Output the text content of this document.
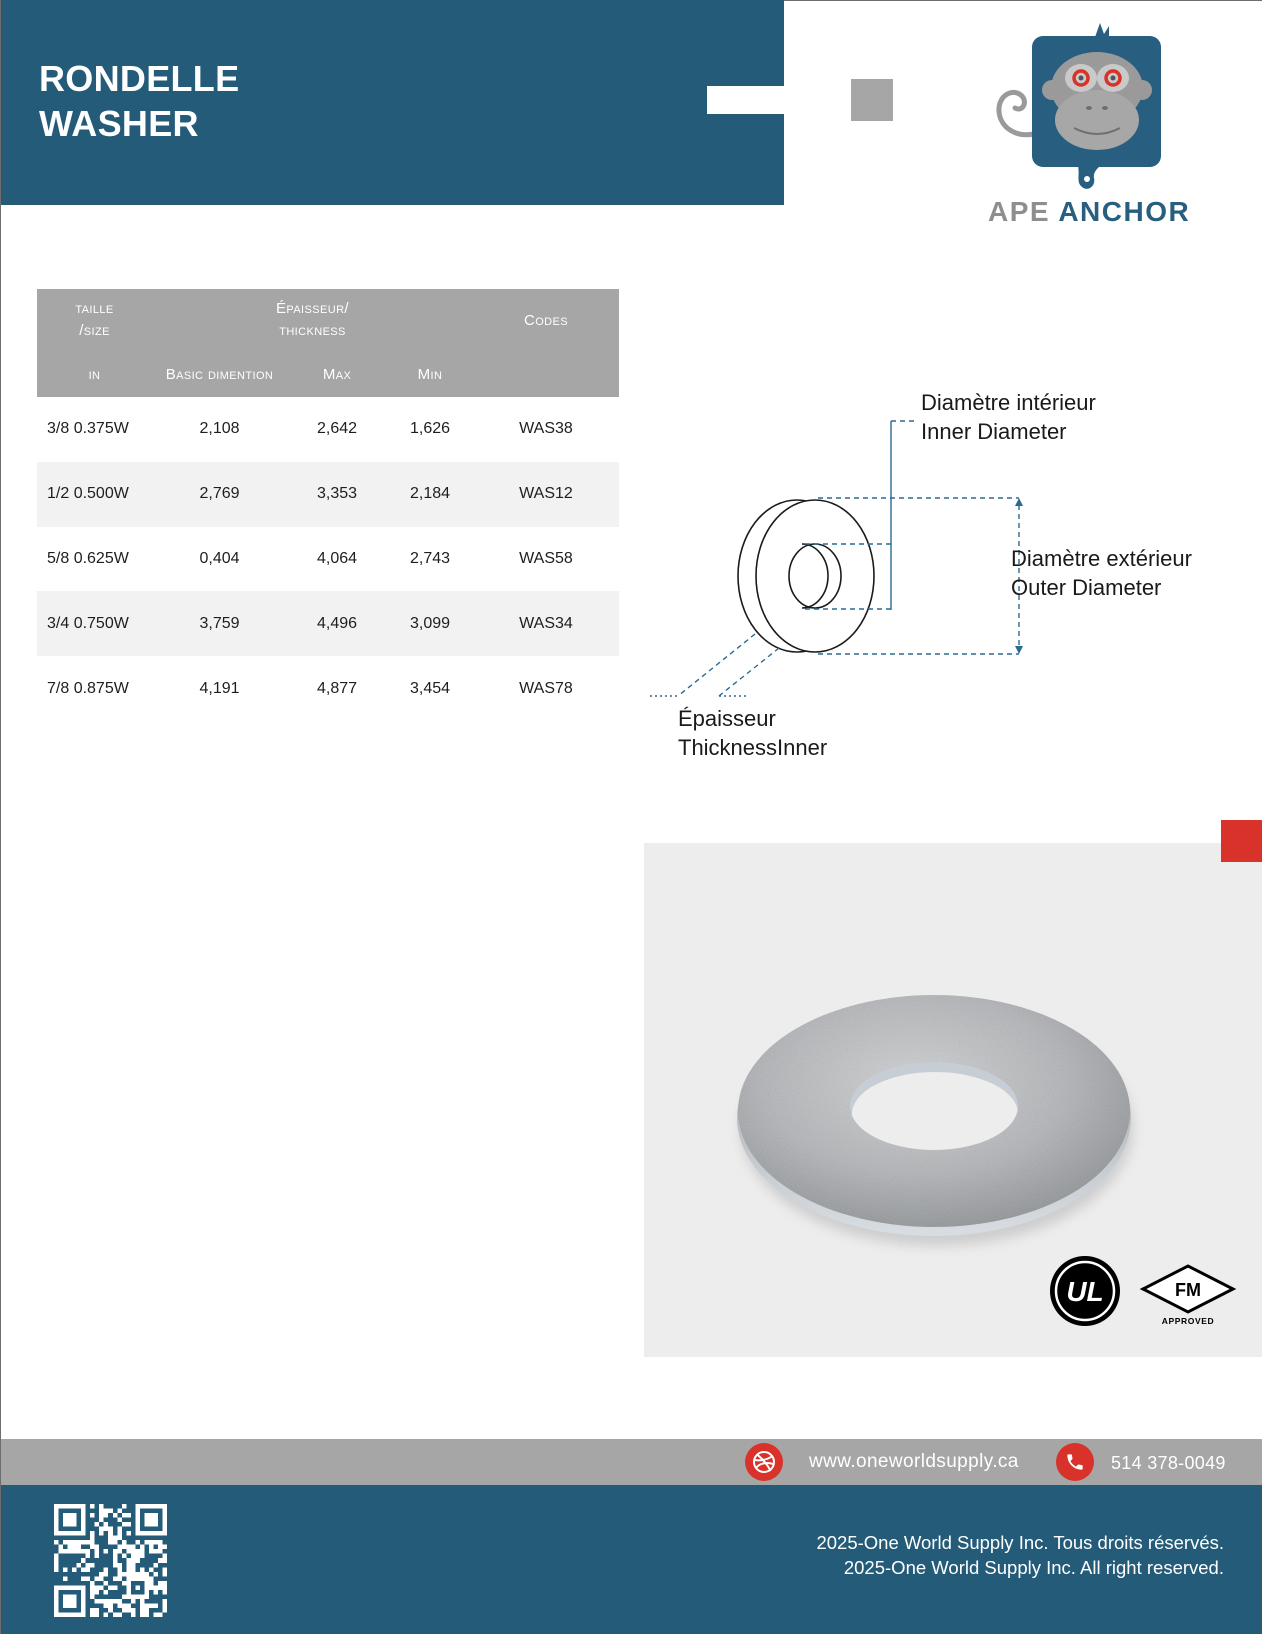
RONDELLE
WASHER
APE ANCHOR
taille
/size
Épaisseur/
thickness
Codes
in	Basic dimention	Max	Min
3/8 0.375W	2,108	2,642	1,626	WAS38
1/2 0.500W	2,769	3,353	2,184	WAS12
5/8 0.625W	0,404	4,064	2,743	WAS58
3/4 0.750W	3,759	4,496	3,099	WAS34
7/8 0.875W	4,191	4,877	3,454	WAS78
Diamètre intérieur
Inner Diameter
Diamètre extérieur
Outer Diameter
Épaisseur
ThicknessInner
UL	FM
APPROVED
www.oneworldsupply.ca	514 378-0049
2025-One World Supply Inc. Tous droits réservés.
2025-One World Supply Inc. All right reserved.
